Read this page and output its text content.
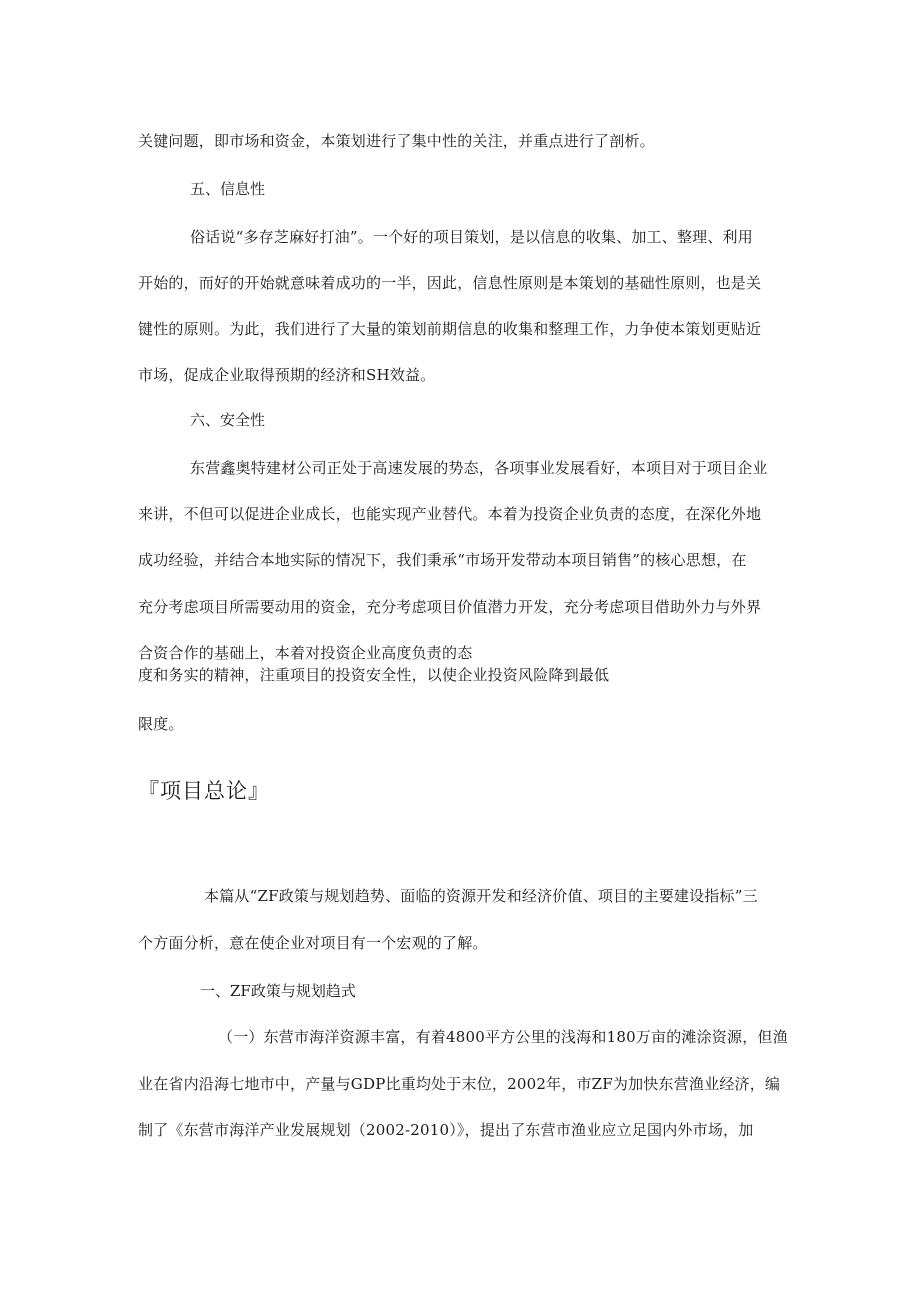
关键问题，即市场和资金，本策划进行了集中性的关注，并重点进行了剖析。
五、信息性
俗话说“多存芝麻好打油”。一个好的项目策划，是以信息的收集、加工、整理、利用
开始的，而好的开始就意味着成功的一半，因此，信息性原则是本策划的基础性原则，也是关
键性的原则。为此，我们进行了大量的策划前期信息的收集和整理工作，力争使本策划更贴近
市场，促成企业取得预期的经济和SH效益。
六、安全性
东营鑫奥特建材公司正处于高速发展的势态，各项事业发展看好，本项目对于项目企业
来讲，不但可以促进企业成长，也能实现产业替代。本着为投资企业负责的态度，在深化外地
成功经验，并结合本地实际的情况下，我们秉承“市场开发带动本项目销售”的核心思想，在
充分考虑项目所需要动用的资金，充分考虑项目价值潜力开发，充分考虑项目借助外力与外界
合资合作的基础上，本着对投资企业高度负责的态
度和务实的精神，注重项目的投资安全性，以使企业投资风险降到最低
限度。
『项目总论』
本篇从“ZF政策与规划趋势、面临的资源开发和经济价值、项目的主要建设指标”三
个方面分析，意在使企业对项目有一个宏观的了解。
一、ZF政策与规划趋式
（一）东营市海洋资源丰富，有着4800平方公里的浅海和180万亩的滩涂资源，但渔
业在省内沿海七地市中，产量与GDP比重均处于末位，2002年，市ZF为加快东营渔业经济，编
制了《东营市海洋产业发展规划（2002-2010）》，提出了东营市渔业应立足国内外市场，加
